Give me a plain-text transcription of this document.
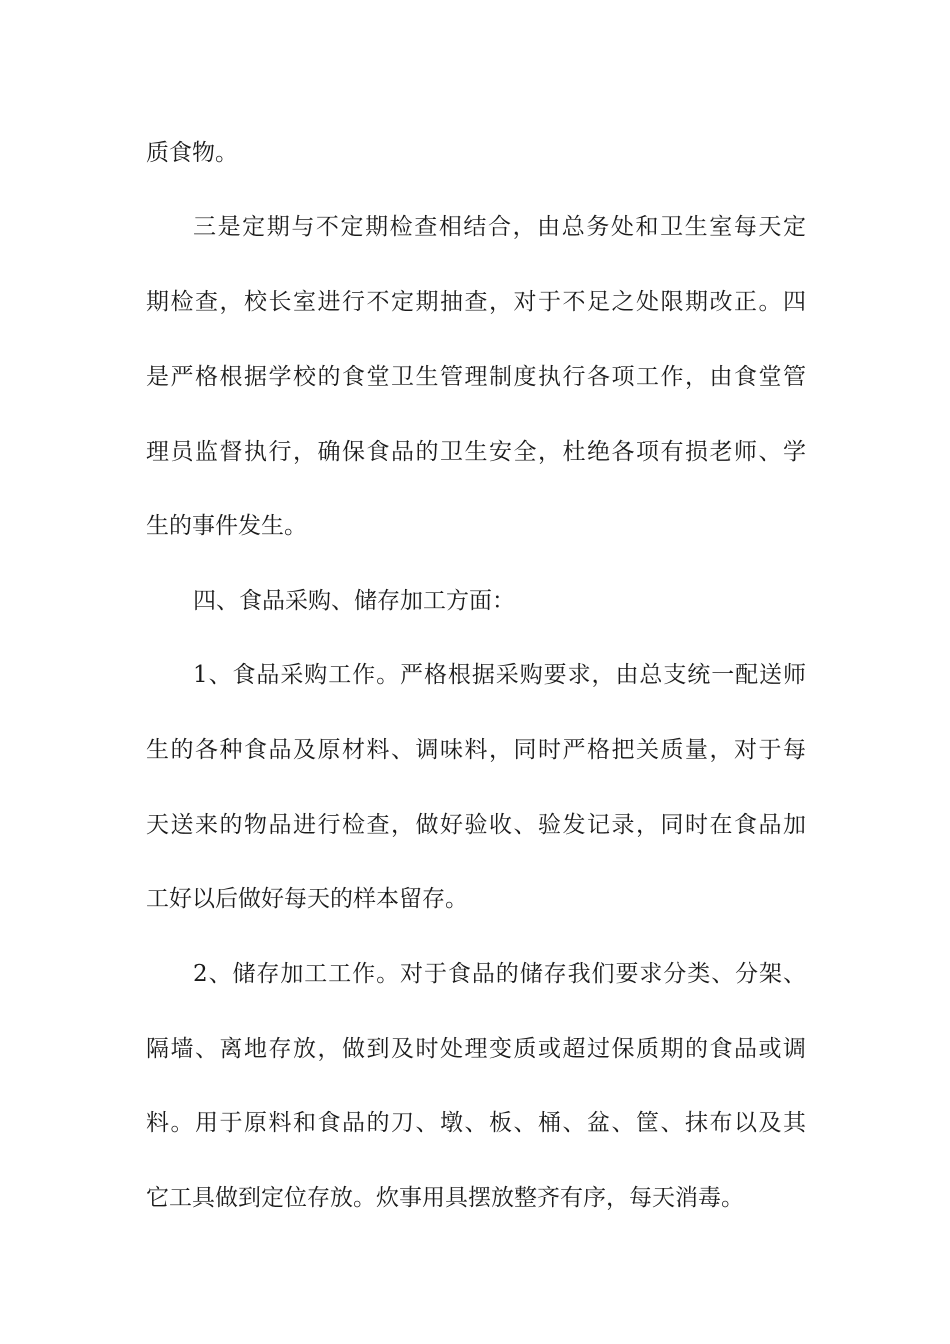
质食物。
三是定期与不定期检查相结合，由总务处和卫生室每天定
期检查，校长室进行不定期抽查，对于不足之处限期改正。四
是严格根据学校的食堂卫生管理制度执行各项工作，由食堂管
理员监督执行，确保食品的卫生安全，杜绝各项有损老师、学
生的事件发生。
四、食品采购、储存加工方面：
1、食品采购工作。严格根据采购要求，由总支统一配送师
生的各种食品及原材料、调味料，同时严格把关质量，对于每
天送来的物品进行检查，做好验收、验发记录，同时在食品加
工好以后做好每天的样本留存。
2、储存加工工作。对于食品的储存我们要求分类、分架、
隔墙、离地存放，做到及时处理变质或超过保质期的食品或调
料。用于原料和食品的刀、墩、板、桶、盆、筐、抹布以及其
它工具做到定位存放。炊事用具摆放整齐有序，每天消毒。
